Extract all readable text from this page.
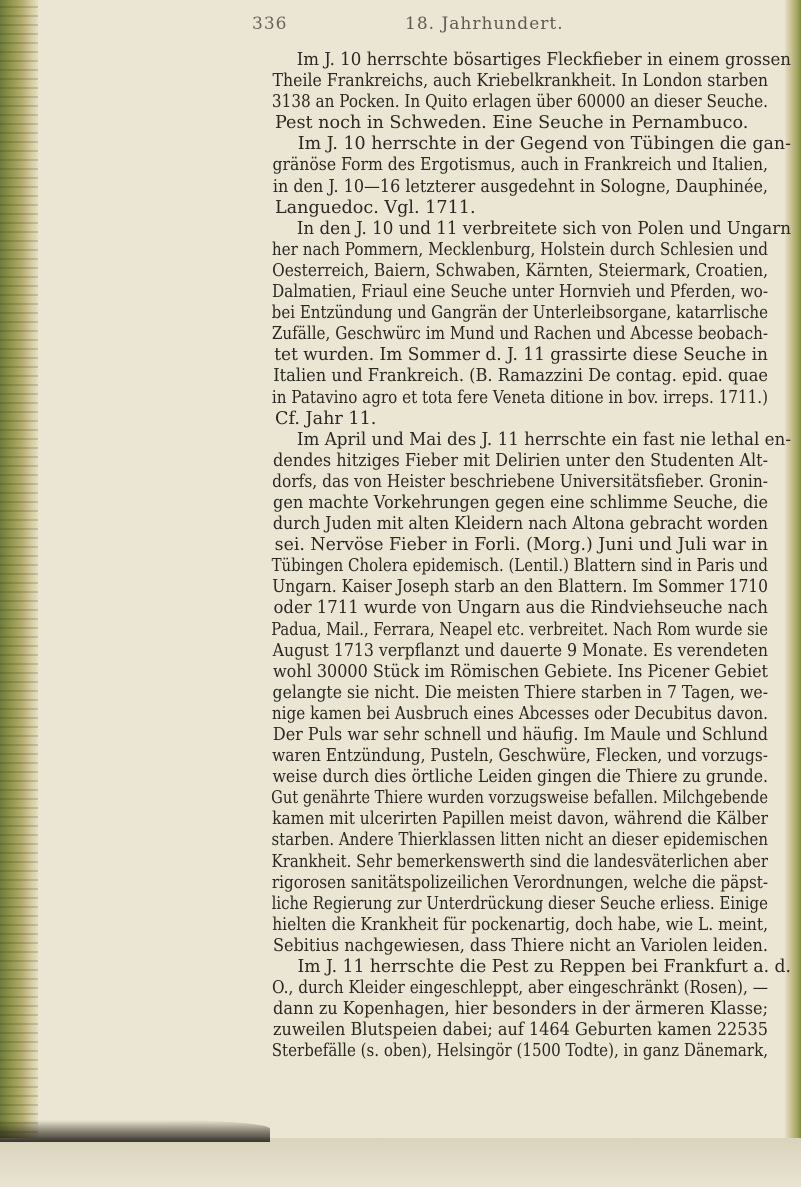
336	18. Jahrhundert.

Im J. 10 herrschte bösartiges Fleckfieber in einem grossen
Theile Frankreichs, auch Kriebelkrankheit. In London starben
3138 an Pocken. In Quito erlagen über 60000 an dieser Seuche.
Pest noch in Schweden. Eine Seuche in Pernambuco.

Im J. 10 herrschte in der Gegend von Tübingen die gan-
gränöse Form des Ergotismus, auch in Frankreich und Italien,
in den J. 10—16 letzterer ausgedehnt in Sologne, Dauphinée,
Languedoc. Vgl. 1711.

In den J. 10 und 11 verbreitete sich von Polen und Ungarn
her nach Pommern, Mecklenburg, Holstein durch Schlesien und
Oesterreich, Baiern, Schwaben, Kärnten, Steiermark, Croatien,
Dalmatien, Friaul eine Seuche unter Hornvieh und Pferden, wo-
bei Entzündung und Gangrän der Unterleibsorgane, katarrlische
Zufälle, Geschwürc im Mund und Rachen und Abcesse beobach-
tet wurden. Im Sommer d. J. 11 grassirte diese Seuche in
Italien und Frankreich. (B. Ramazzini De contag. epid. quae
in Patavino agro et tota fere Veneta ditione in bov. irreps. 1711.)
Cf. Jahr 11.

Im April und Mai des J. 11 herrschte ein fast nie lethal en-
dendes hitziges Fieber mit Delirien unter den Studenten Alt-
dorfs, das von Heister beschriebene Universitätsfieber. Gronin-
gen machte Vorkehrungen gegen eine schlimme Seuche, die
durch Juden mit alten Kleidern nach Altona gebracht worden
sei. Nervöse Fieber in Forli. (Morg.) Juni und Juli war in
Tübingen Cholera epidemisch. (Lentil.) Blattern sind in Paris und
Ungarn. Kaiser Joseph starb an den Blattern. Im Sommer 1710
oder 1711 wurde von Ungarn aus die Rindviehseuche nach
Padua, Mail., Ferrara, Neapel etc. verbreitet. Nach Rom wurde sie
August 1713 verpflanzt und dauerte 9 Monate. Es verendeten
wohl 30000 Stück im Römischen Gebiete. Ins Picener Gebiet
gelangte sie nicht. Die meisten Thiere starben in 7 Tagen, we-
nige kamen bei Ausbruch eines Abcesses oder Decubitus davon.
Der Puls war sehr schnell und häufig. Im Maule und Schlund
waren Entzündung, Pusteln, Geschwüre, Flecken, und vorzugs-
weise durch dies örtliche Leiden gingen die Thiere zu grunde.
Gut genährte Thiere wurden vorzugsweise befallen. Milchgebende
kamen mit ulcerirten Papillen meist davon, während die Kälber
starben. Andere Thierklassen litten nicht an dieser epidemischen
Krankheit. Sehr bemerkenswerth sind die landesväterlichen aber
rigorosen sanitätspolizeilichen Verordnungen, welche die päpst-
liche Regierung zur Unterdrückung dieser Seuche erliess. Einige
hielten die Krankheit für pockenartig, doch habe, wie L. meint,
Sebitius nachgewiesen, dass Thiere nicht an Variolen leiden.

Im J. 11 herrschte die Pest zu Reppen bei Frankfurt a. d.
O., durch Kleider eingeschleppt, aber eingeschränkt (Rosen), —
dann zu Kopenhagen, hier besonders in der ärmeren Klasse;
zuweilen Blutspeien dabei; auf 1464 Geburten kamen 22535
Sterbefälle (s. oben), Helsingör (1500 Todte), in ganz Dänemark,
